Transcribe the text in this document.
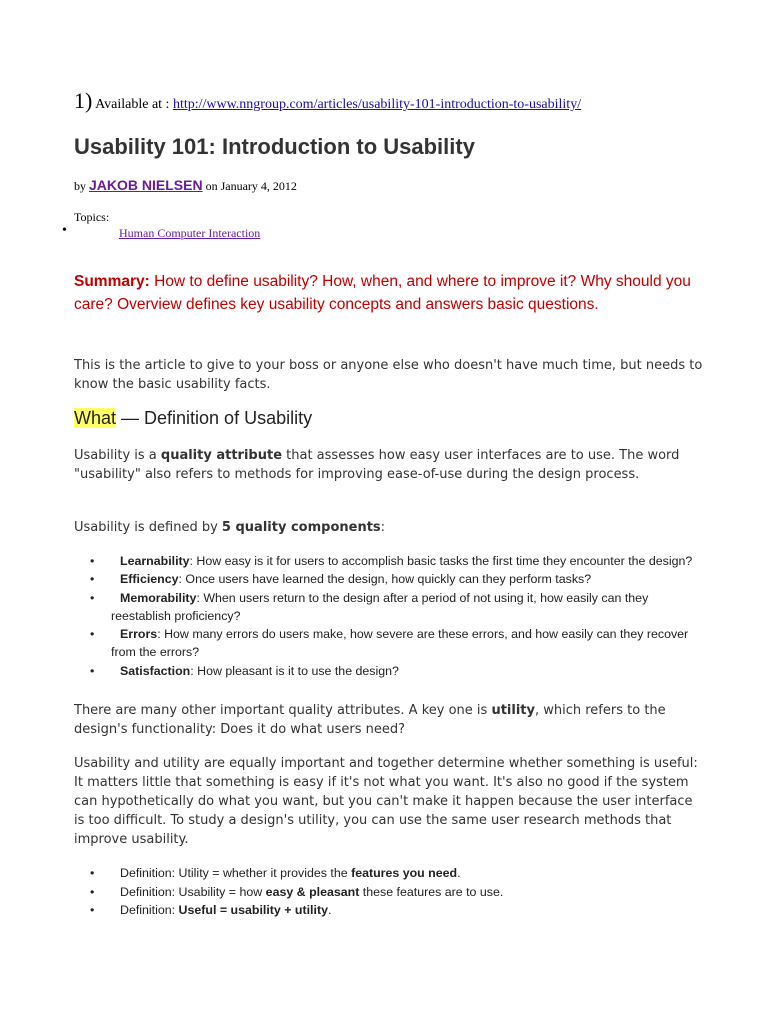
1) Available at : http://www.nngroup.com/articles/usability-101-introduction-to-usability/
Usability 101: Introduction to Usability
by JAKOB NIELSEN on January 4, 2012
Topics:
•	Human Computer Interaction
Summary: How to define usability? How, when, and where to improve it? Why should you care? Overview defines key usability concepts and answers basic questions.
This is the article to give to your boss or anyone else who doesn't have much time, but needs to know the basic usability facts.
What — Definition of Usability
Usability is a quality attribute that assesses how easy user interfaces are to use. The word "usability" also refers to methods for improving ease-of-use during the design process.
Usability is defined by 5 quality components:
• Learnability: How easy is it for users to accomplish basic tasks the first time they encounter the design?
• Efficiency: Once users have learned the design, how quickly can they perform tasks?
• Memorability: When users return to the design after a period of not using it, how easily can they reestablish proficiency?
• Errors: How many errors do users make, how severe are these errors, and how easily can they recover from the errors?
• Satisfaction: How pleasant is it to use the design?
There are many other important quality attributes. A key one is utility, which refers to the design's functionality: Does it do what users need?
Usability and utility are equally important and together determine whether something is useful: It matters little that something is easy if it's not what you want. It's also no good if the system can hypothetically do what you want, but you can't make it happen because the user interface is too difficult. To study a design's utility, you can use the same user research methods that improve usability.
• Definition: Utility = whether it provides the features you need.
• Definition: Usability = how easy & pleasant these features are to use.
• Definition: Useful = usability + utility.
